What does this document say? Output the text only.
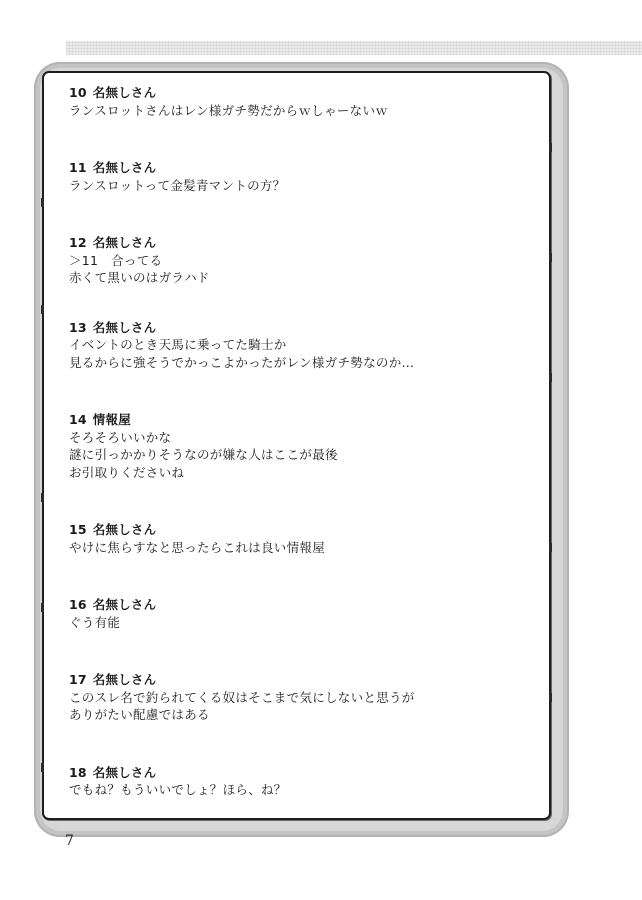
10 名無しさん
ランスロットさんはレン様ガチ勢だからｗしゃーないｗ
11 名無しさん
ランスロットって金髪青マントの方？
12 名無しさん
＞11　合ってる
赤くて黒いのはガラハド
13 名無しさん
イベントのとき天馬に乗ってた騎士か
見るからに強そうでかっこよかったがレン様ガチ勢なのか…
14 情報屋
そろそろいいかな
謎に引っかかりそうなのが嫌な人はここが最後
お引取りくださいね
15 名無しさん
やけに焦らすなと思ったらこれは良い情報屋
16 名無しさん
ぐう有能
17 名無しさん
このスレ名で釣られてくる奴はそこまで気にしないと思うが
ありがたい配慮ではある
18 名無しさん
でもね？もういいでしょ？ほら、ね？
7
